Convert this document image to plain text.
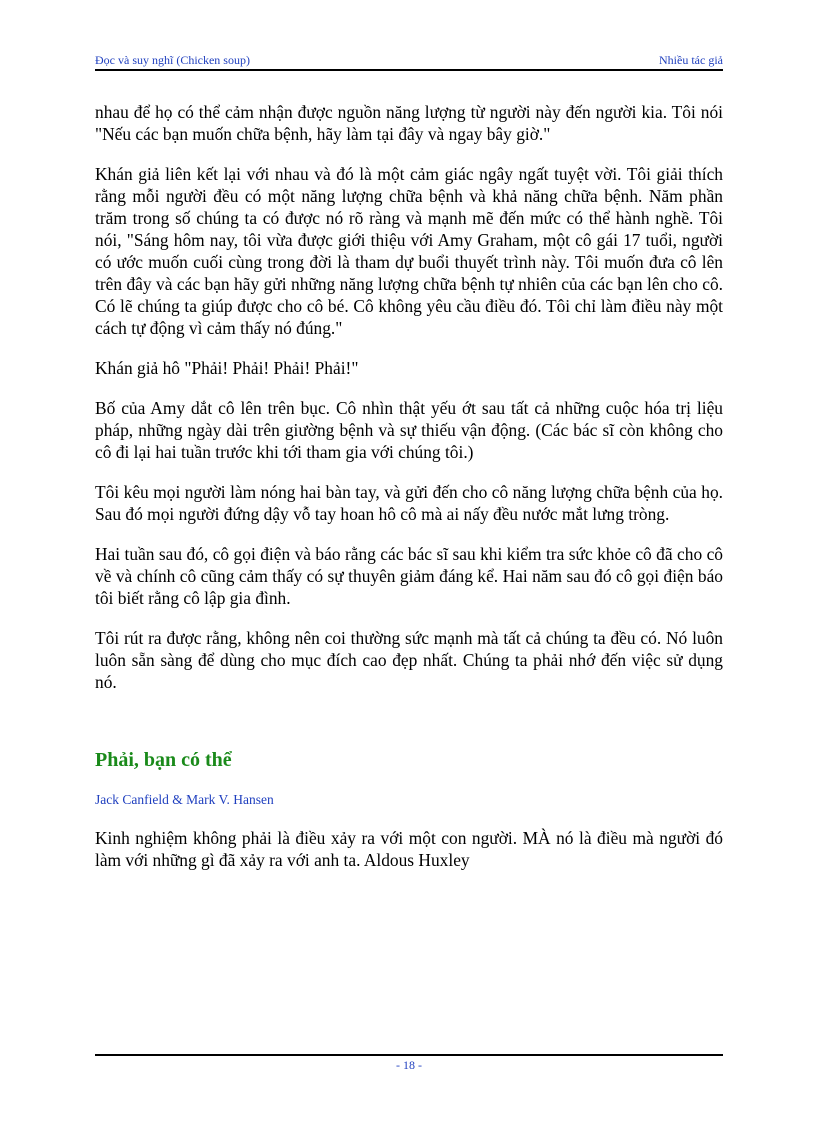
Đọc và suy nghĩ (Chicken soup)	Nhiều tác giả

nhau để họ có thể cảm nhận được nguồn năng lượng từ người này đến người kia. Tôi nói "Nếu các bạn muốn chữa bệnh, hãy làm tại đây và ngay bây giờ."

Khán giả liên kết lại với nhau và đó là một cảm giác ngây ngất tuyệt vời. Tôi giải thích rằng mỗi người đều có một năng lượng chữa bệnh và khả năng chữa bệnh. Năm phần trăm trong số chúng ta có được nó rõ ràng và mạnh mẽ đến mức có thể hành nghề. Tôi nói, "Sáng hôm nay, tôi vừa được giới thiệu với Amy Graham, một cô gái 17 tuổi, người có ước muốn cuối cùng trong đời là tham dự buổi thuyết trình này. Tôi muốn đưa cô lên trên đây và các bạn hãy gửi những năng lượng chữa bệnh tự nhiên của các bạn lên cho cô. Có lẽ chúng ta giúp được cho cô bé. Cô không yêu cầu điều đó. Tôi chỉ làm điều này một cách tự động vì cảm thấy nó đúng."

Khán giả hô "Phải! Phải! Phải! Phải!"

Bố của Amy dắt cô lên trên bục. Cô nhìn thật yếu ớt sau tất cả những cuộc hóa trị liệu pháp, những ngày dài trên giường bệnh và sự thiếu vận động. (Các bác sĩ còn không cho cô đi lại hai tuần trước khi tới tham gia với chúng tôi.)

Tôi kêu mọi người làm nóng hai bàn tay, và gửi đến cho cô năng lượng chữa bệnh của họ. Sau đó mọi người đứng dậy vỗ tay hoan hô cô mà ai nấy đều nước mắt lưng tròng.

Hai tuần sau đó, cô gọi điện và báo rằng các bác sĩ sau khi kiểm tra sức khỏe cô đã cho cô về và chính cô cũng cảm thấy có sự thuyên giảm đáng kể. Hai năm sau đó cô gọi điện báo tôi biết rằng cô lập gia đình.

Tôi rút ra được rằng, không nên coi thường sức mạnh mà tất cả chúng ta đều có. Nó luôn luôn sẵn sàng để dùng cho mục đích cao đẹp nhất. Chúng ta phải nhớ đến việc sử dụng nó.

Phải, bạn có thể
Jack Canfield & Mark V. Hansen

Kinh nghiệm không phải là điều xảy ra với một con người. MÀ nó là điều mà người đó làm với những gì đã xảy ra với anh ta. Aldous Huxley

- 18 -
